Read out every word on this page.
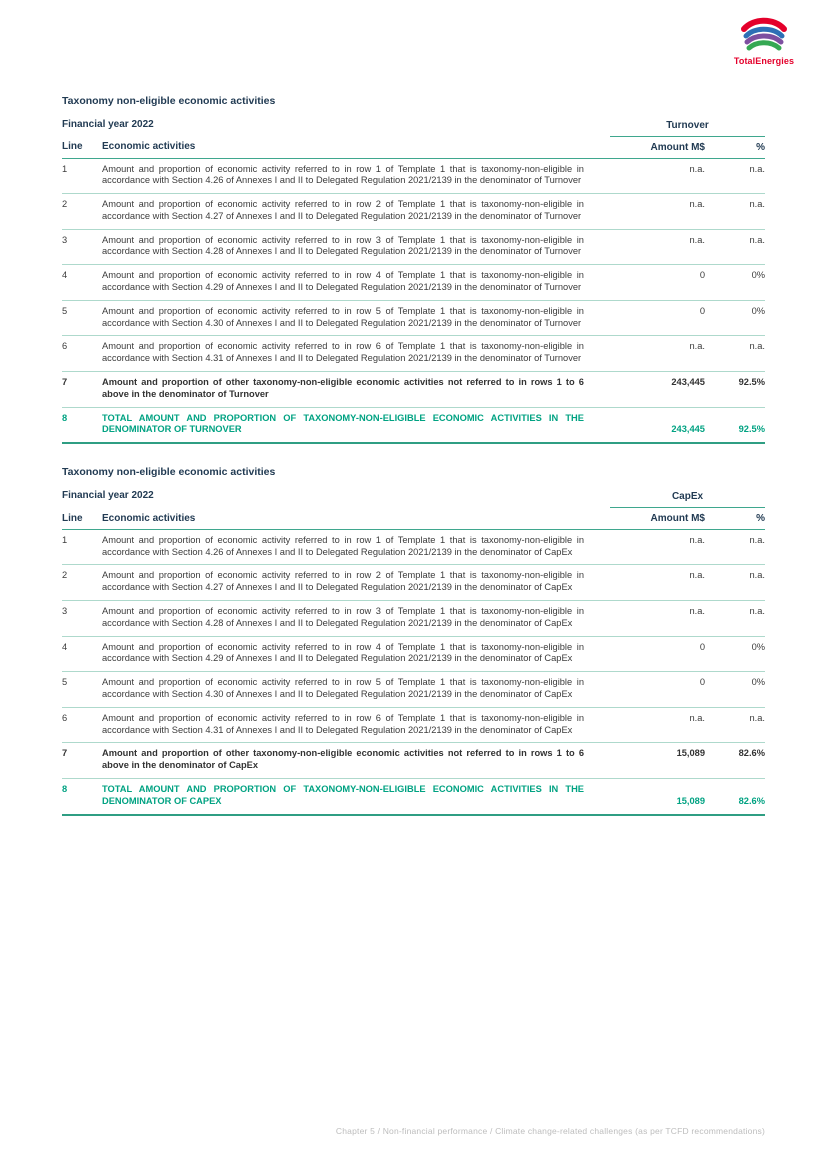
TotalEnergies
Taxonomy non-eligible economic activities
Financial year 2022		Turnover	
Line	Economic activities	Amount M$	%
1	Amount and proportion of economic activity referred to in row 1 of Template 1 that is taxonomy-non-eligible in accordance with Section 4.26 of Annexes I and II to Delegated Regulation 2021/2139 in the denominator of Turnover	n.a.	n.a.
2	Amount and proportion of economic activity referred to in row 2 of Template 1 that is taxonomy-non-eligible in accordance with Section 4.27 of Annexes I and II to Delegated Regulation 2021/2139 in the denominator of Turnover	n.a.	n.a.
3	Amount and proportion of economic activity referred to in row 3 of Template 1 that is taxonomy-non-eligible in accordance with Section 4.28 of Annexes I and II to Delegated Regulation 2021/2139 in the denominator of Turnover	n.a.	n.a.
4	Amount and proportion of economic activity referred to in row 4 of Template 1 that is taxonomy-non-eligible in accordance with Section 4.29 of Annexes I and II to Delegated Regulation 2021/2139 in the denominator of Turnover	0	0%
5	Amount and proportion of economic activity referred to in row 5 of Template 1 that is taxonomy-non-eligible in accordance with Section 4.30 of Annexes I and II to Delegated Regulation 2021/2139 in the denominator of Turnover	0	0%
6	Amount and proportion of economic activity referred to in row 6 of Template 1 that is taxonomy-non-eligible in accordance with Section 4.31 of Annexes I and II to Delegated Regulation 2021/2139 in the denominator of Turnover	n.a.	n.a.
7	Amount and proportion of other taxonomy-non-eligible economic activities not referred to in rows 1 to 6 above in the denominator of Turnover	243,445	92.5%
8	TOTAL AMOUNT AND PROPORTION OF TAXONOMY-NON-ELIGIBLE ECONOMIC ACTIVITIES IN THE DENOMINATOR OF TURNOVER	243,445	92.5%
Taxonomy non-eligible economic activities
Financial year 2022		CapEx	
Line	Economic activities	Amount M$	%
1	Amount and proportion of economic activity referred to in row 1 of Template 1 that is taxonomy-non-eligible in accordance with Section 4.26 of Annexes I and II to Delegated Regulation 2021/2139 in the denominator of CapEx	n.a.	n.a.
2	Amount and proportion of economic activity referred to in row 2 of Template 1 that is taxonomy-non-eligible in accordance with Section 4.27 of Annexes I and II to Delegated Regulation 2021/2139 in the denominator of CapEx	n.a.	n.a.
3	Amount and proportion of economic activity referred to in row 3 of Template 1 that is taxonomy-non-eligible in accordance with Section 4.28 of Annexes I and II to Delegated Regulation 2021/2139 in the denominator of CapEx	n.a.	n.a.
4	Amount and proportion of economic activity referred to in row 4 of Template 1 that is taxonomy-non-eligible in accordance with Section 4.29 of Annexes I and II to Delegated Regulation 2021/2139 in the denominator of CapEx	0	0%
5	Amount and proportion of economic activity referred to in row 5 of Template 1 that is taxonomy-non-eligible in accordance with Section 4.30 of Annexes I and II to Delegated Regulation 2021/2139 in the denominator of CapEx	0	0%
6	Amount and proportion of economic activity referred to in row 6 of Template 1 that is taxonomy-non-eligible in accordance with Section 4.31 of Annexes I and II to Delegated Regulation 2021/2139 in the denominator of CapEx	n.a.	n.a.
7	Amount and proportion of other taxonomy-non-eligible economic activities not referred to in rows 1 to 6 above in the denominator of CapEx	15,089	82.6%
8	TOTAL AMOUNT AND PROPORTION OF TAXONOMY-NON-ELIGIBLE ECONOMIC ACTIVITIES IN THE DENOMINATOR OF CAPEX	15,089	82.6%
Chapter 5 / Non-financial performance / Climate change-related challenges (as per TCFD recommendations)
